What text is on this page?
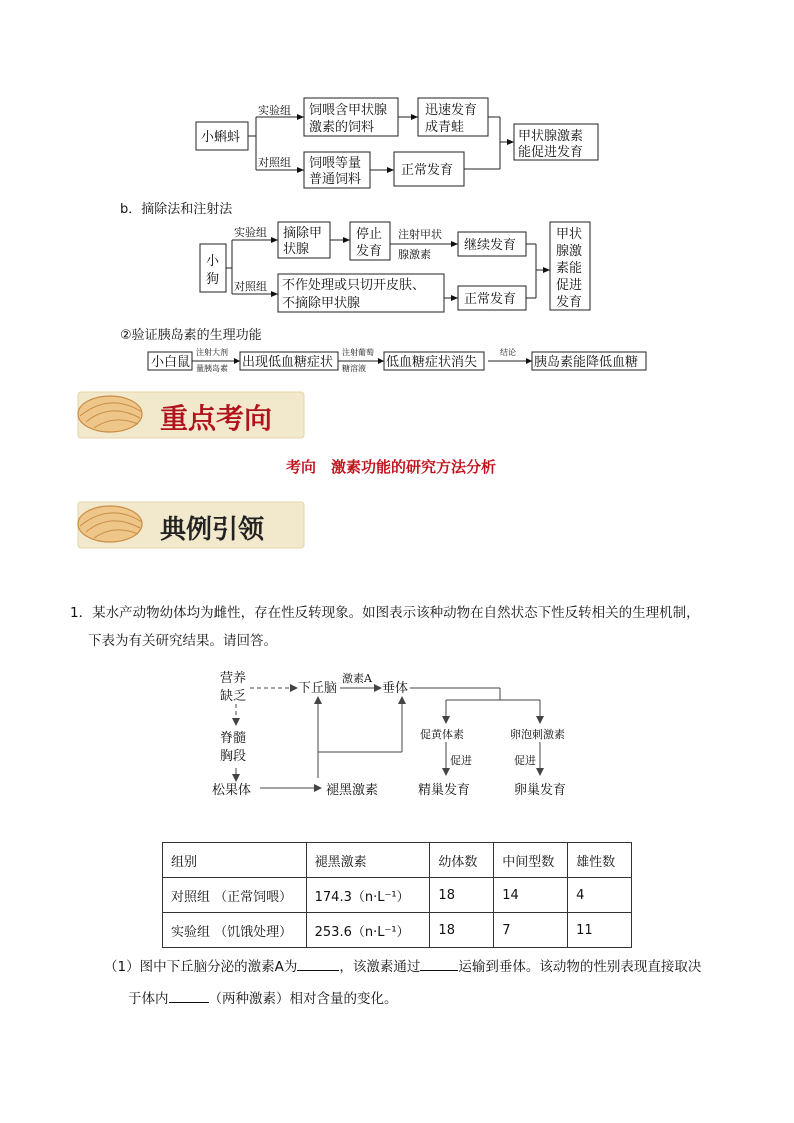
小蝌蚪
实验组
对照组
饲喂含甲状腺
激素的饲料
迅速发育
成青蛙
饲喂等量
普通饲料
正常发育
甲状腺激素
能促进发育
b．摘除法和注射法
小
狗
实验组
对照组
摘除甲
状腺
停止
发育
注射甲状
腺激素
继续发育
不作处理或只切开皮肤、
不摘除甲状腺	正常发育
甲状
腺激
素能
促进
发育
②验证胰岛素的生理功能
小白鼠
注射大剂
量胰岛素 出现低血糖症状
注射葡萄
糖溶液 低血糖症状消失
结论
胰岛素能降低血糖
重点考向
考向　激素功能的研究方法分析
典例引领
1．某水产动物幼体均为雌性，存在性反转现象。如图表示该种动物在自然状态下性反转相关的生理机制，
下表为有关研究结果。请回答。
营养
缺乏
下丘脑
激素A
垂体
脊髓
胸段
松果体	褪黑激素
促黄体素	卵泡刺激素
促进	促进
精巢发育	卵巢发育
组别	褪黑激素	幼体数	中间型数	雄性数
对照组 （正常饲喂）	174.3（n·L⁻¹）	18	14	4
实验组 （饥饿处理）	253.6（n·L⁻¹）	18	7	11
（1）图中下丘脑分泌的激素A为	，该激素通过	运输到垂体。该动物的性别表现直接取决
于体内	（两种激素）相对含量的变化。
